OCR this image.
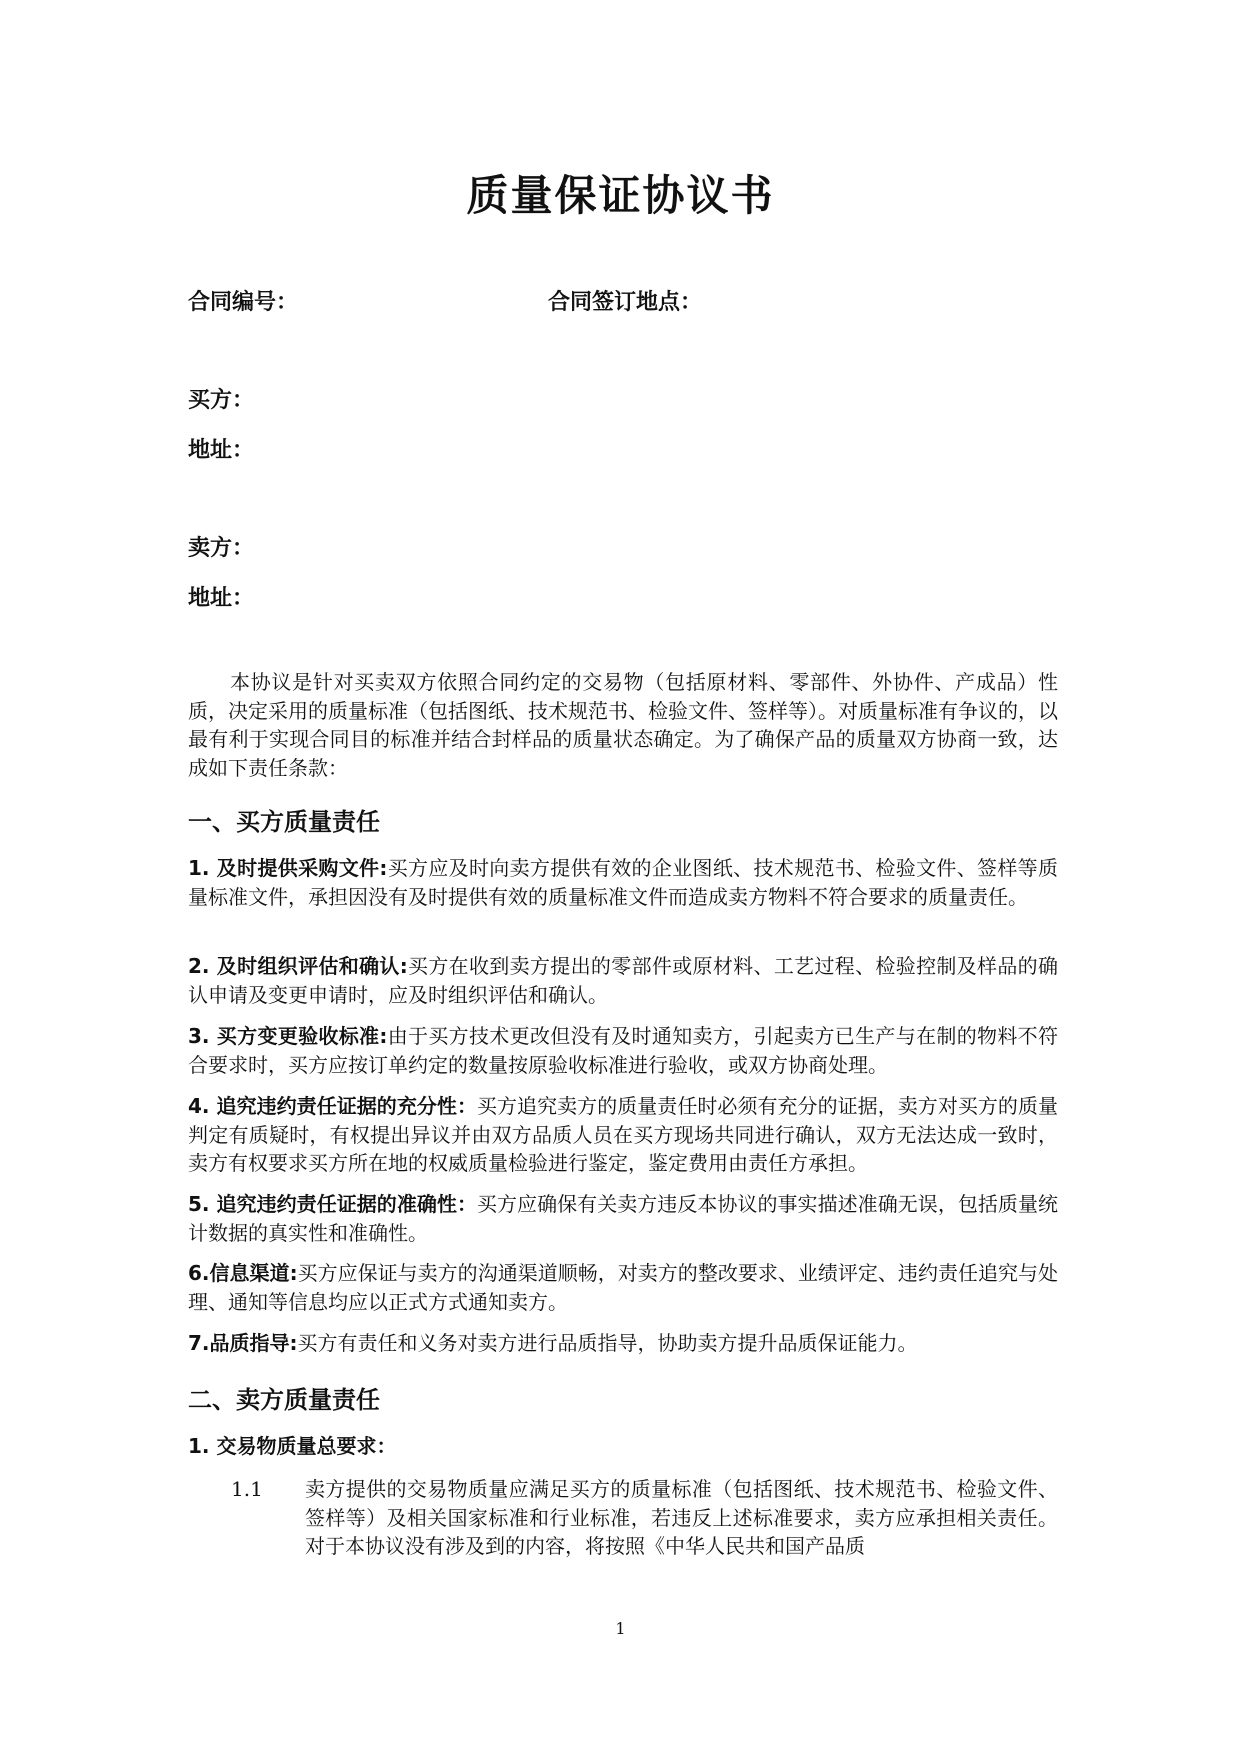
质量保证协议书
合同编号：	合同签订地点：
买方：
地址：
卖方：
地址：
本协议是针对买卖双方依照合同约定的交易物（包括原材料、零部件、外协件、产成品）性质，决定采用的质量标准（包括图纸、技术规范书、检验文件、签样等）。对质量标准有争议的，以最有利于实现合同目的标准并结合封样品的质量状态确定。为了确保产品的质量双方协商一致，达成如下责任条款：
一、买方质量责任
1. 及时提供采购文件:买方应及时向卖方提供有效的企业图纸、技术规范书、检验文件、签样等质量标准文件，承担因没有及时提供有效的质量标准文件而造成卖方物料不符合要求的质量责任。
2. 及时组织评估和确认:买方在收到卖方提出的零部件或原材料、工艺过程、检验控制及样品的确认申请及变更申请时，应及时组织评估和确认。
3. 买方变更验收标准:由于买方技术更改但没有及时通知卖方，引起卖方已生产与在制的物料不符合要求时，买方应按订单约定的数量按原验收标准进行验收，或双方协商处理。
4. 追究违约责任证据的充分性：买方追究卖方的质量责任时必须有充分的证据，卖方对买方的质量判定有质疑时，有权提出异议并由双方品质人员在买方现场共同进行确认，双方无法达成一致时，卖方有权要求买方所在地的权威质量检验进行鉴定，鉴定费用由责任方承担。
5. 追究违约责任证据的准确性：买方应确保有关卖方违反本协议的事实描述准确无误，包括质量统计数据的真实性和准确性。
6.信息渠道:买方应保证与卖方的沟通渠道顺畅，对卖方的整改要求、业绩评定、违约责任追究与处理、通知等信息均应以正式方式通知卖方。
7.品质指导:买方有责任和义务对卖方进行品质指导，协助卖方提升品质保证能力。
二、卖方质量责任
1. 交易物质量总要求：
1.1 卖方提供的交易物质量应满足买方的质量标准（包括图纸、技术规范书、检验文件、签样等）及相关国家标准和行业标准，若违反上述标准要求，卖方应承担相关责任。对于本协议没有涉及到的内容，将按照《中华人民共和国产品质
1
